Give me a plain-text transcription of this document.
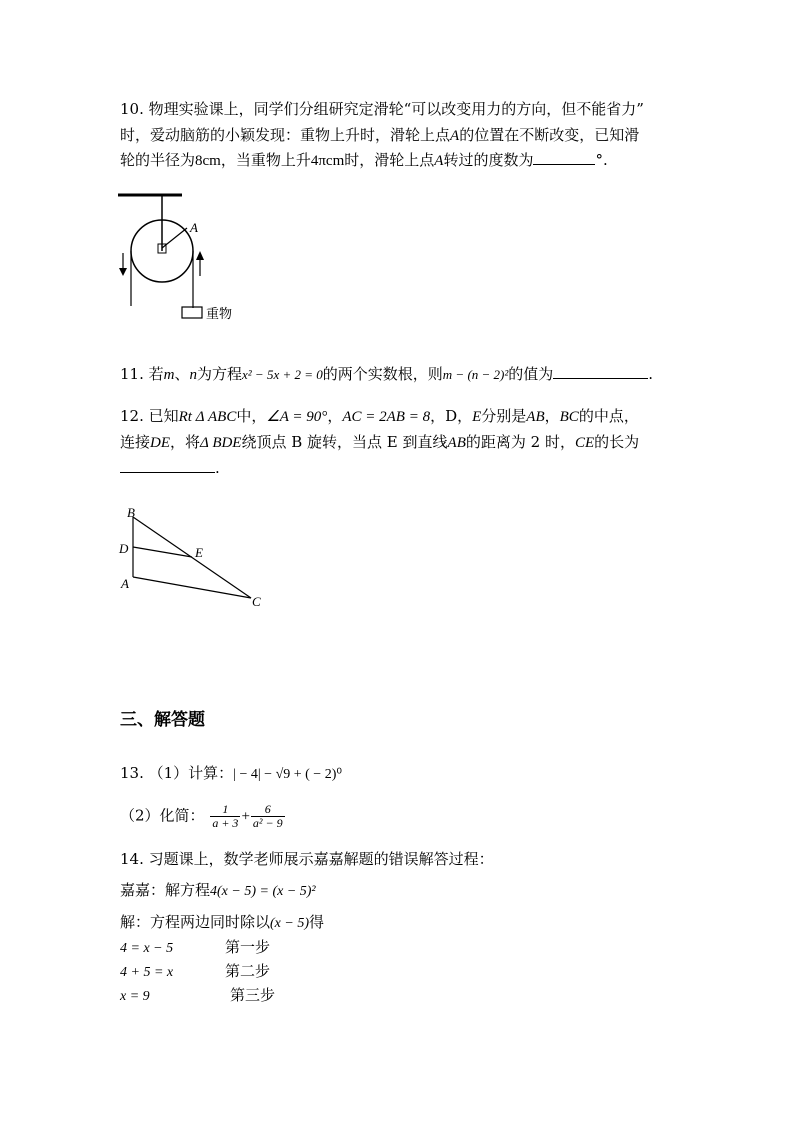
10. 物理实验课上，同学们分组研究定滑轮“可以改变用力的方向，但不能省力”
时，爱动脑筋的小颖发现：重物上升时，滑轮上点A的位置在不断改变，已知滑
轮的半径为8cm，当重物上升4πcm时，滑轮上点A转过的度数为	°.
A
重物
11. 若m、n为方程x² − 5x + 2 = 0的两个实数根，则m − (n − 2)²的值为	.
12. 已知Rt Δ ABC中，∠A = 90°，AC = 2AB = 8，D，E分别是AB，BC的中点，
连接DE，将Δ BDE绕顶点 B 旋转，当点 E 到直线AB的距离为 2 时，CE的长为
.
B
D	E
A
C
三、解答题
13. （1）计算：| − 4| − √9 + ( − 2)⁰
（2）化简： $\frac{1}{a + 3} + \frac{6}{\text{a² − 9}}$
14. 习题课上，数学老师展示嘉嘉解题的错误解答过程：
嘉嘉：解方程4(x − 5) = (x − 5)²
解：方程两边同时除以(x − 5)得
4 = x − 5	第一步
4 + 5 = x	第二步
x = 9	第三步
